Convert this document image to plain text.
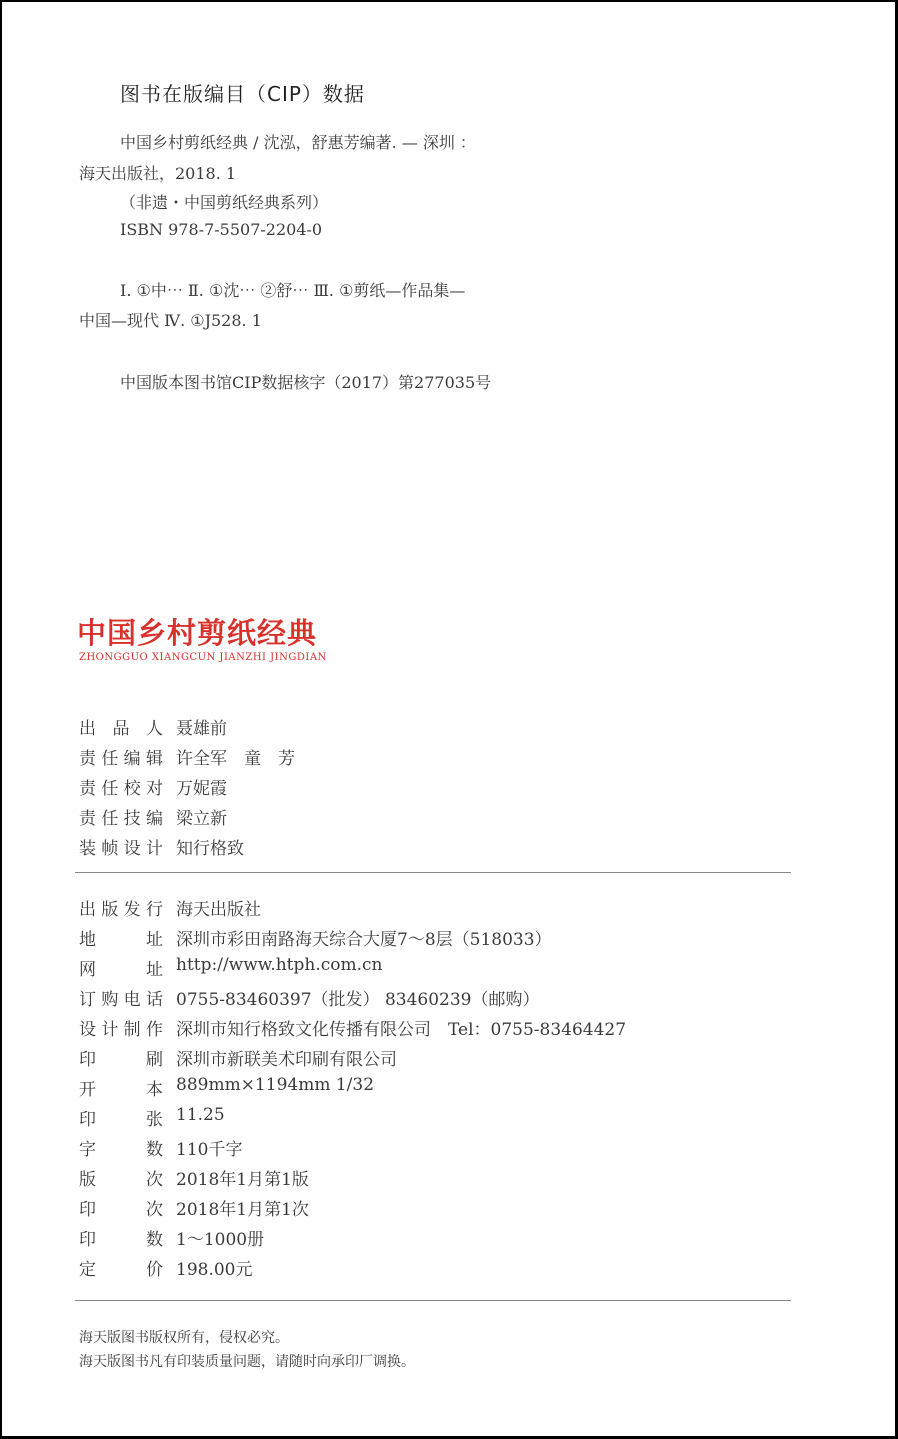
图书在版编目（CIP）数据
中国乡村剪纸经典 / 沈泓，舒惠芳编著. — 深圳 ：
海天出版社，2018. 1
（非遗・中国剪纸经典系列）
ISBN 978-7-5507-2204-0
Ⅰ. ①中⋯ Ⅱ. ①沈⋯ ②舒⋯ Ⅲ. ①剪纸—作品集—
中国—现代 Ⅳ. ①J528. 1
中国版本图书馆CIP数据核字（2017）第277035号
中国乡村剪纸经典
ZHONGGUO XIANGCUN JIANZHI JINGDIAN
出 品 人 聂雄前
责 任 编 辑 许全军　童　芳
责 任 校 对 万妮霞
责 任 技 编 梁立新
装 帧 设 计 知行格致
出 版 发 行 海天出版社
地	址 深圳市彩田南路海天综合大厦7～8层（518033）
网	址 http://www.htph.com.cn
订 购 电 话 0755-83460397（批发） 83460239（邮购）
设 计 制 作 深圳市知行格致文化传播有限公司　Tel：0755-83464427
印	刷 深圳市新联美术印刷有限公司
开	本 889mm×1194mm 1/32
印	张 11.25
字	数 110千字
版	次 2018年1月第1版
印	次 2018年1月第1次
印	数 1～1000册
定	价 198.00元
海天版图书版权所有，侵权必究。
海天版图书凡有印装质量问题，请随时向承印厂调换。
